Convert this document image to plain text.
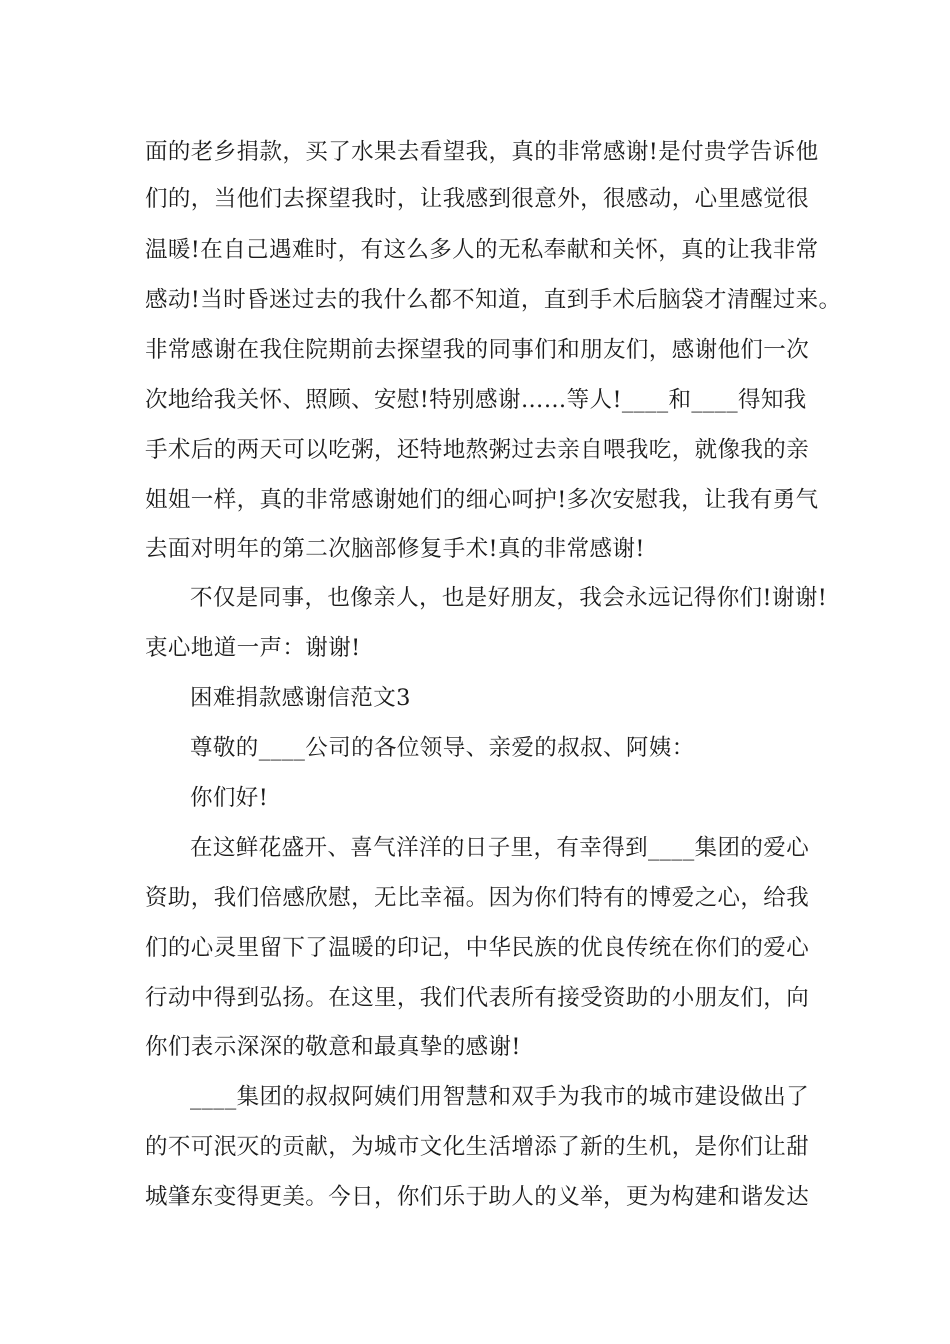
面的老乡捐款，买了水果去看望我，真的非常感谢!是付贵学告诉他
们的，当他们去探望我时，让我感到很意外，很感动，心里感觉很
温暖!在自己遇难时，有这么多人的无私奉献和关怀，真的让我非常
感动!当时昏迷过去的我什么都不知道，直到手术后脑袋才清醒过来。
非常感谢在我住院期前去探望我的同事们和朋友们，感谢他们一次
次地给我关怀、照顾、安慰!特别感谢……等人!____和____得知我
手术后的两天可以吃粥，还特地熬粥过去亲自喂我吃，就像我的亲
姐姐一样，真的非常感谢她们的细心呵护!多次安慰我，让我有勇气
去面对明年的第二次脑部修复手术!真的非常感谢!
不仅是同事，也像亲人，也是好朋友，我会永远记得你们!谢谢!
衷心地道一声：谢谢!
困难捐款感谢信范文3
尊敬的____公司的各位领导、亲爱的叔叔、阿姨：
你们好!
在这鲜花盛开、喜气洋洋的日子里，有幸得到____集团的爱心
资助，我们倍感欣慰，无比幸福。因为你们特有的博爱之心，给我
们的心灵里留下了温暖的印记，中华民族的优良传统在你们的爱心
行动中得到弘扬。在这里，我们代表所有接受资助的小朋友们，向
你们表示深深的敬意和最真挚的感谢!
____集团的叔叔阿姨们用智慧和双手为我市的城市建设做出了
的不可泯灭的贡献，为城市文化生活增添了新的生机，是你们让甜
城肇东变得更美。今日，你们乐于助人的义举，更为构建和谐发达
